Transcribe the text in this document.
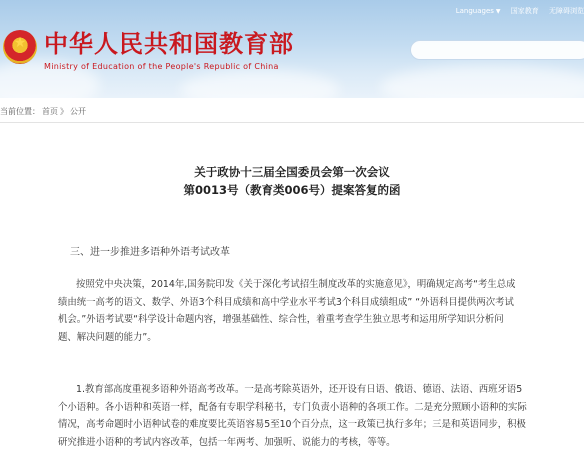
★
中华人民共和国教育部
Ministry of Education of the People's Republic of China
Languages ▼ 国家教育 无障碍浏览
当前位置： 首页 》 公开
关于政协十三届全国委员会第一次会议
第0013号（教育类006号）提案答复的函
三、进一步推进多语种外语考试改革
按照党中央决策，2014年,国务院印发《关于深化考试招生制度改革的实施意见》，明确规定高考“考生总成
绩由统一高考的语文、数学、外语3个科目成绩和高中学业水平考试3个科目成绩组成” “外语科目提供两次考试
机会。”外语考试要“科学设计命题内容，增强基础性、综合性，着重考查学生独立思考和运用所学知识分析问
题、解决问题的能力”。
1.教育部高度重视多语种外语高考改革。一是高考除英语外，还开设有日语、俄语、德语、法语、西班牙语5
个小语种。各小语种和英语一样，配备有专职学科秘书，专门负责小语种的各项工作。二是充分照顾小语种的实际
情况，高考命题时小语种试卷的难度要比英语容易5至10个百分点，这一政策已执行多年；三是和英语同步，积极
研究推进小语种的考试内容改革，包括一年两考、加强听、说能力的考核，等等。
